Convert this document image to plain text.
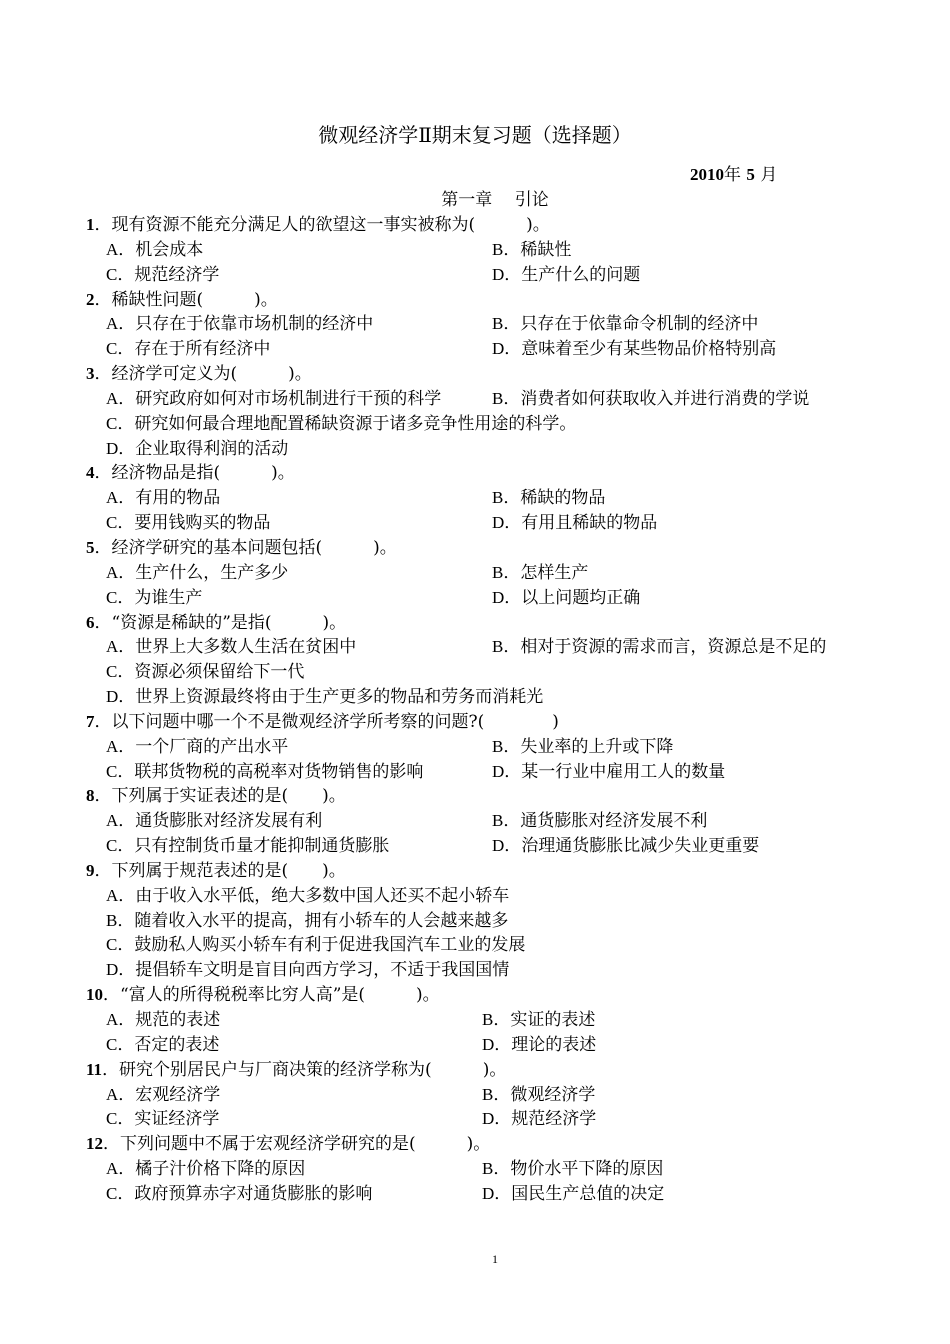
微观经济学Ⅱ期末复习题（选择题）
2010年 5 月
第一章　 引论
1．现有资源不能充分满足人的欲望这一事实被称为(　　　)。
A．机会成本	B．稀缺性
C．规范经济学	D．生产什么的问题
2．稀缺性问题(　　　)。
A．只存在于依靠市场机制的经济中	B．只存在于依靠命令机制的经济中
C．存在于所有经济中	D．意味着至少有某些物品价格特别高
3．经济学可定义为(　　　)。
A．研究政府如何对市场机制进行干预的科学	B．消费者如何获取收入并进行消费的学说
C．研究如何最合理地配置稀缺资源于诸多竞争性用途的科学。
D．企业取得利润的活动
4．经济物品是指(　　　)。
A．有用的物品	B．稀缺的物品
C．要用钱购买的物品	D．有用且稀缺的物品
5．经济学研究的基本问题包括(　　　)。
A．生产什么，生产多少	B．怎样生产
C．为谁生产	D．以上问题均正确
6．“资源是稀缺的”是指(　　　)。
A．世界上大多数人生活在贫困中	B．相对于资源的需求而言，资源总是不足的
C．资源必须保留给下一代
D．世界上资源最终将由于生产更多的物品和劳务而消耗光
7．以下问题中哪一个不是微观经济学所考察的问题?(　　　　)
A．一个厂商的产出水平	B．失业率的上升或下降
C．联邦货物税的高税率对货物销售的影响	D．某一行业中雇用工人的数量
8．下列属于实证表述的是(　　)。
A．通货膨胀对经济发展有利	B．通货膨胀对经济发展不利
C．只有控制货币量才能抑制通货膨胀	D．治理通货膨胀比减少失业更重要
9．下列属于规范表述的是(　　)。
A．由于收入水平低，绝大多数中国人还买不起小轿车
B．随着收入水平的提高，拥有小轿车的人会越来越多
C．鼓励私人购买小轿车有利于促进我国汽车工业的发展
D．提倡轿车文明是盲目向西方学习，不适于我国国情
10．“富人的所得税税率比穷人高”是(　　　)。
A．规范的表述	B．实证的表述
C．否定的表述	D．理论的表述
11．研究个别居民户与厂商决策的经济学称为(　　　)。
A．宏观经济学	B．微观经济学
C．实证经济学	D．规范经济学
12．下列问题中不属于宏观经济学研究的是(　　　)。
A．橘子汁价格下降的原因	B．物价水平下降的原因
C．政府预算赤字对通货膨胀的影响	D．国民生产总值的决定
1
